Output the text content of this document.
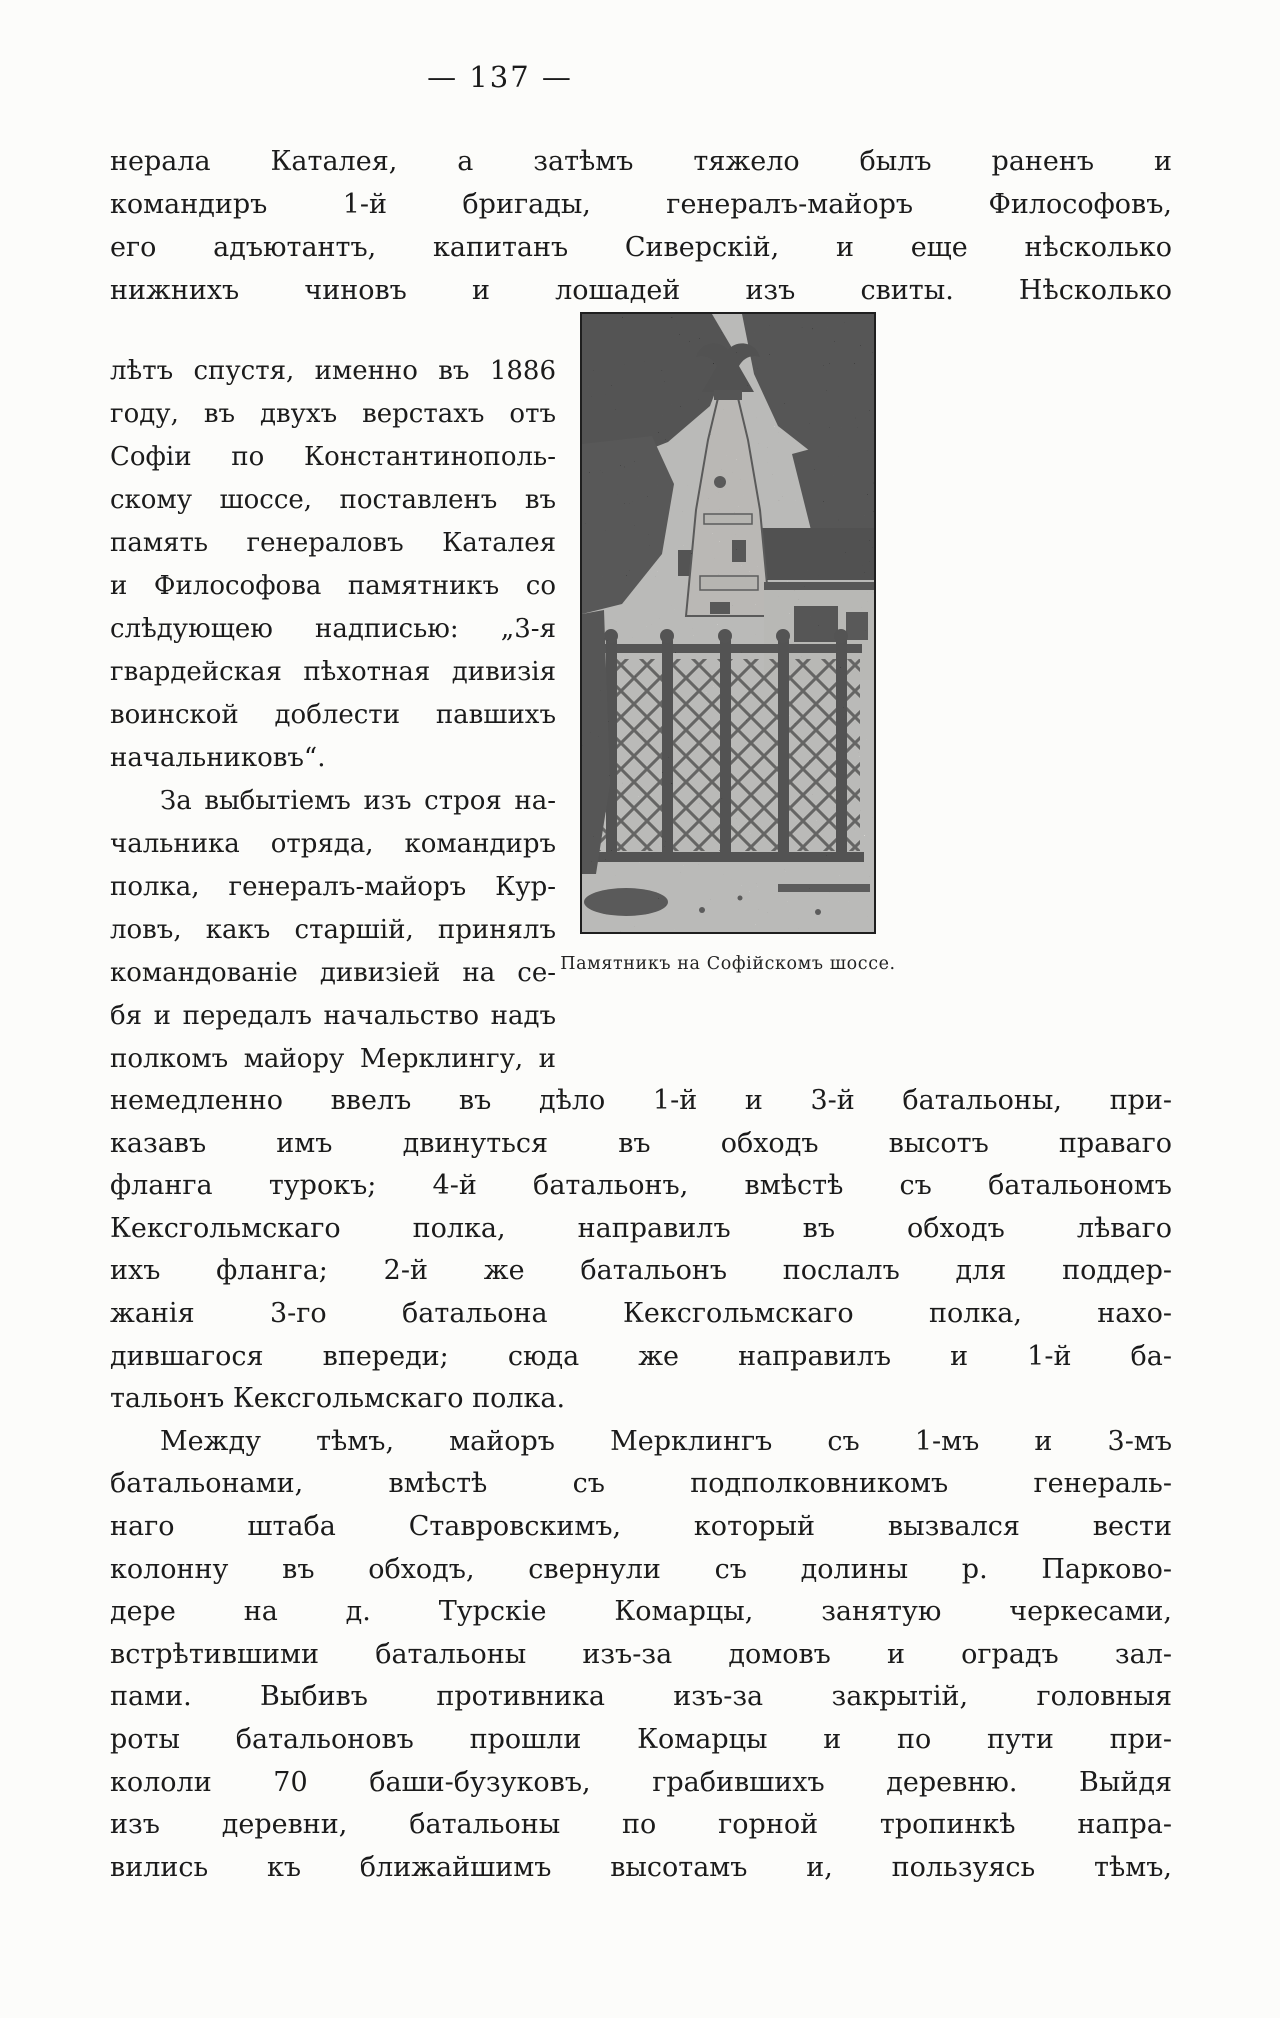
— 137 —
нерала Каталея, а затѣмъ тяжело былъ раненъ и
командиръ 1-й бригады, генералъ-майоръ Философовъ,
его адъютантъ, капитанъ Сиверскій, и еще нѣсколько
нижнихъ чиновъ и лошадей изъ свиты. Нѣсколько
Памятникъ на Софійскомъ шоссе.
лѣтъ спустя, именно въ 1886
году, въ двухъ верстахъ отъ
Софіи по Константинополь-
скому шоссе, поставленъ въ
память генераловъ Каталея
и Философова памятникъ со
слѣдующею надписью: „3-я
гвардейская пѣхотная дивизія
воинской доблести павшихъ
начальниковъ“.
За выбытіемъ изъ строя на-
чальника отряда, командиръ
полка, генералъ-майоръ Кур-
ловъ, какъ старшій, принялъ
командованіе дивизіей на се-
бя и передалъ начальство надъ
полкомъ майору Мерклингу, и
немедленно ввелъ въ дѣло 1-й и 3-й батальоны, при-
казавъ имъ двинуться въ обходъ высотъ праваго
фланга турокъ; 4-й батальонъ, вмѣстѣ съ батальономъ
Кексгольмскаго полка, направилъ въ обходъ лѣваго
ихъ фланга; 2-й же батальонъ послалъ для поддер-
жанія 3-го батальона Кексгольмскаго полка, нахо-
дившагося впереди; сюда же направилъ и 1-й ба-
тальонъ Кексгольмскаго полка.
Между тѣмъ, майоръ Мерклингъ съ 1-мъ и 3-мъ
батальонами, вмѣстѣ съ подполковникомъ генераль-
наго штаба Ставровскимъ, который вызвался вести
колонну въ обходъ, свернули съ долины р. Парково-
дере на д. Турскіе Комарцы, занятую черкесами,
встрѣтившими батальоны изъ-за домовъ и оградъ зал-
пами. Выбивъ противника изъ-за закрытій, головныя
роты батальоновъ прошли Комарцы и по пути при-
кололи 70 баши-бузуковъ, грабившихъ деревню. Выйдя
изъ деревни, батальоны по горной тропинкѣ напра-
вились къ ближайшимъ высотамъ и, пользуясь тѣмъ,
